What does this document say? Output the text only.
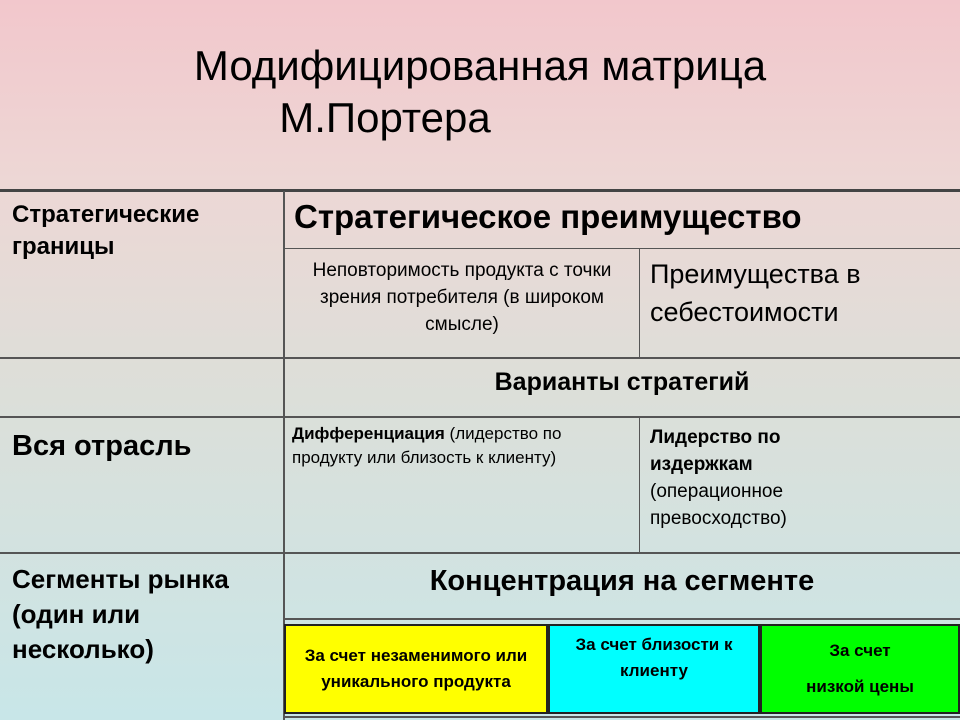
Модифицированная матрица
М.Портера
Стратегические границы
Стратегическое преимущество
Неповторимость продукта с точки зрения потребителя (в широком смысле)
Преимущества в себестоимости
Варианты стратегий
Вся отрасль	Дифференциация (лидерство по продукту или близость к клиенту)
Лидерство по издержкам
(операционное превосходство)
Сегменты рынка (один или несколько)
Концентрация на сегменте
За счет незаменимого или уникального продукта
За счет близости к клиенту
За счет низкой цены
